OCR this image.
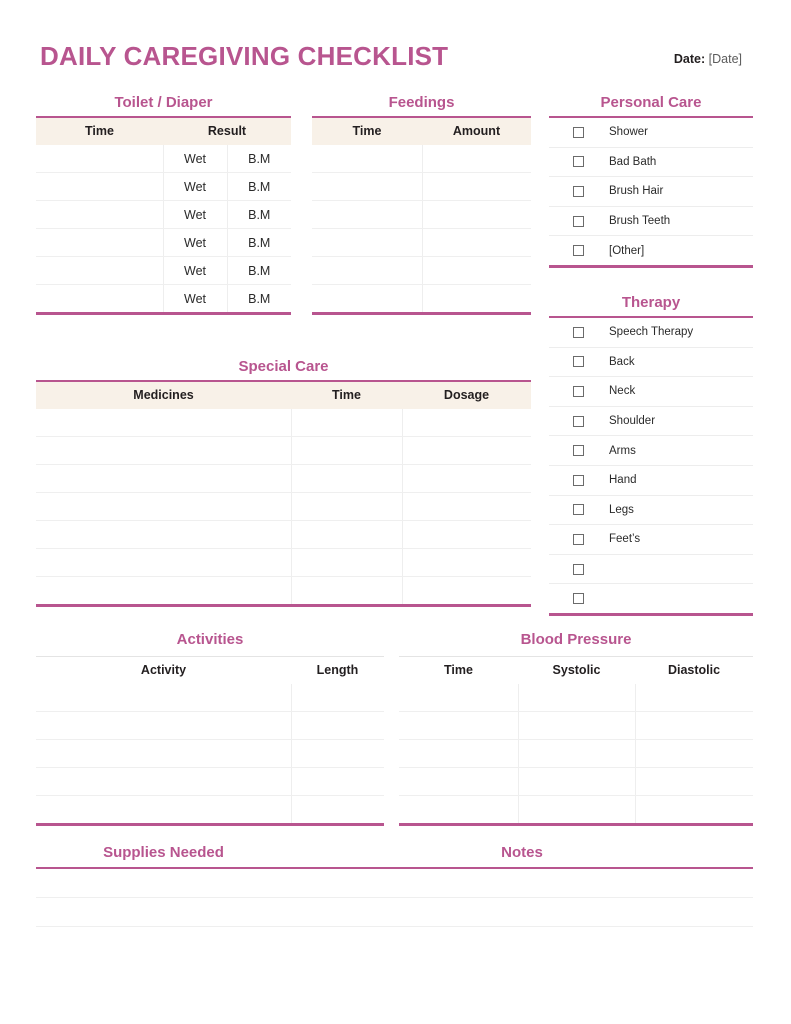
DAILY CAREGIVING CHECKLIST	Date: [Date]
Toilet / Diaper
Time	Result	
	Wet	B.M
	Wet	B.M
	Wet	B.M
	Wet	B.M
	Wet	B.M
	Wet	B.M
Feedings
Time	Amount

Personal Care
Shower
Bad Bath
Brush Hair
Brush Teeth
[Other]
Therapy
Speech Therapy
Back
Neck
Shoulder
Arms
Hand
Legs
Feet’s
Special Care
Medicines	Time	Dosage

Activities
Activity	Length

Blood Pressure
Time	Systolic	Diastolic

Supplies Needed	Notes
